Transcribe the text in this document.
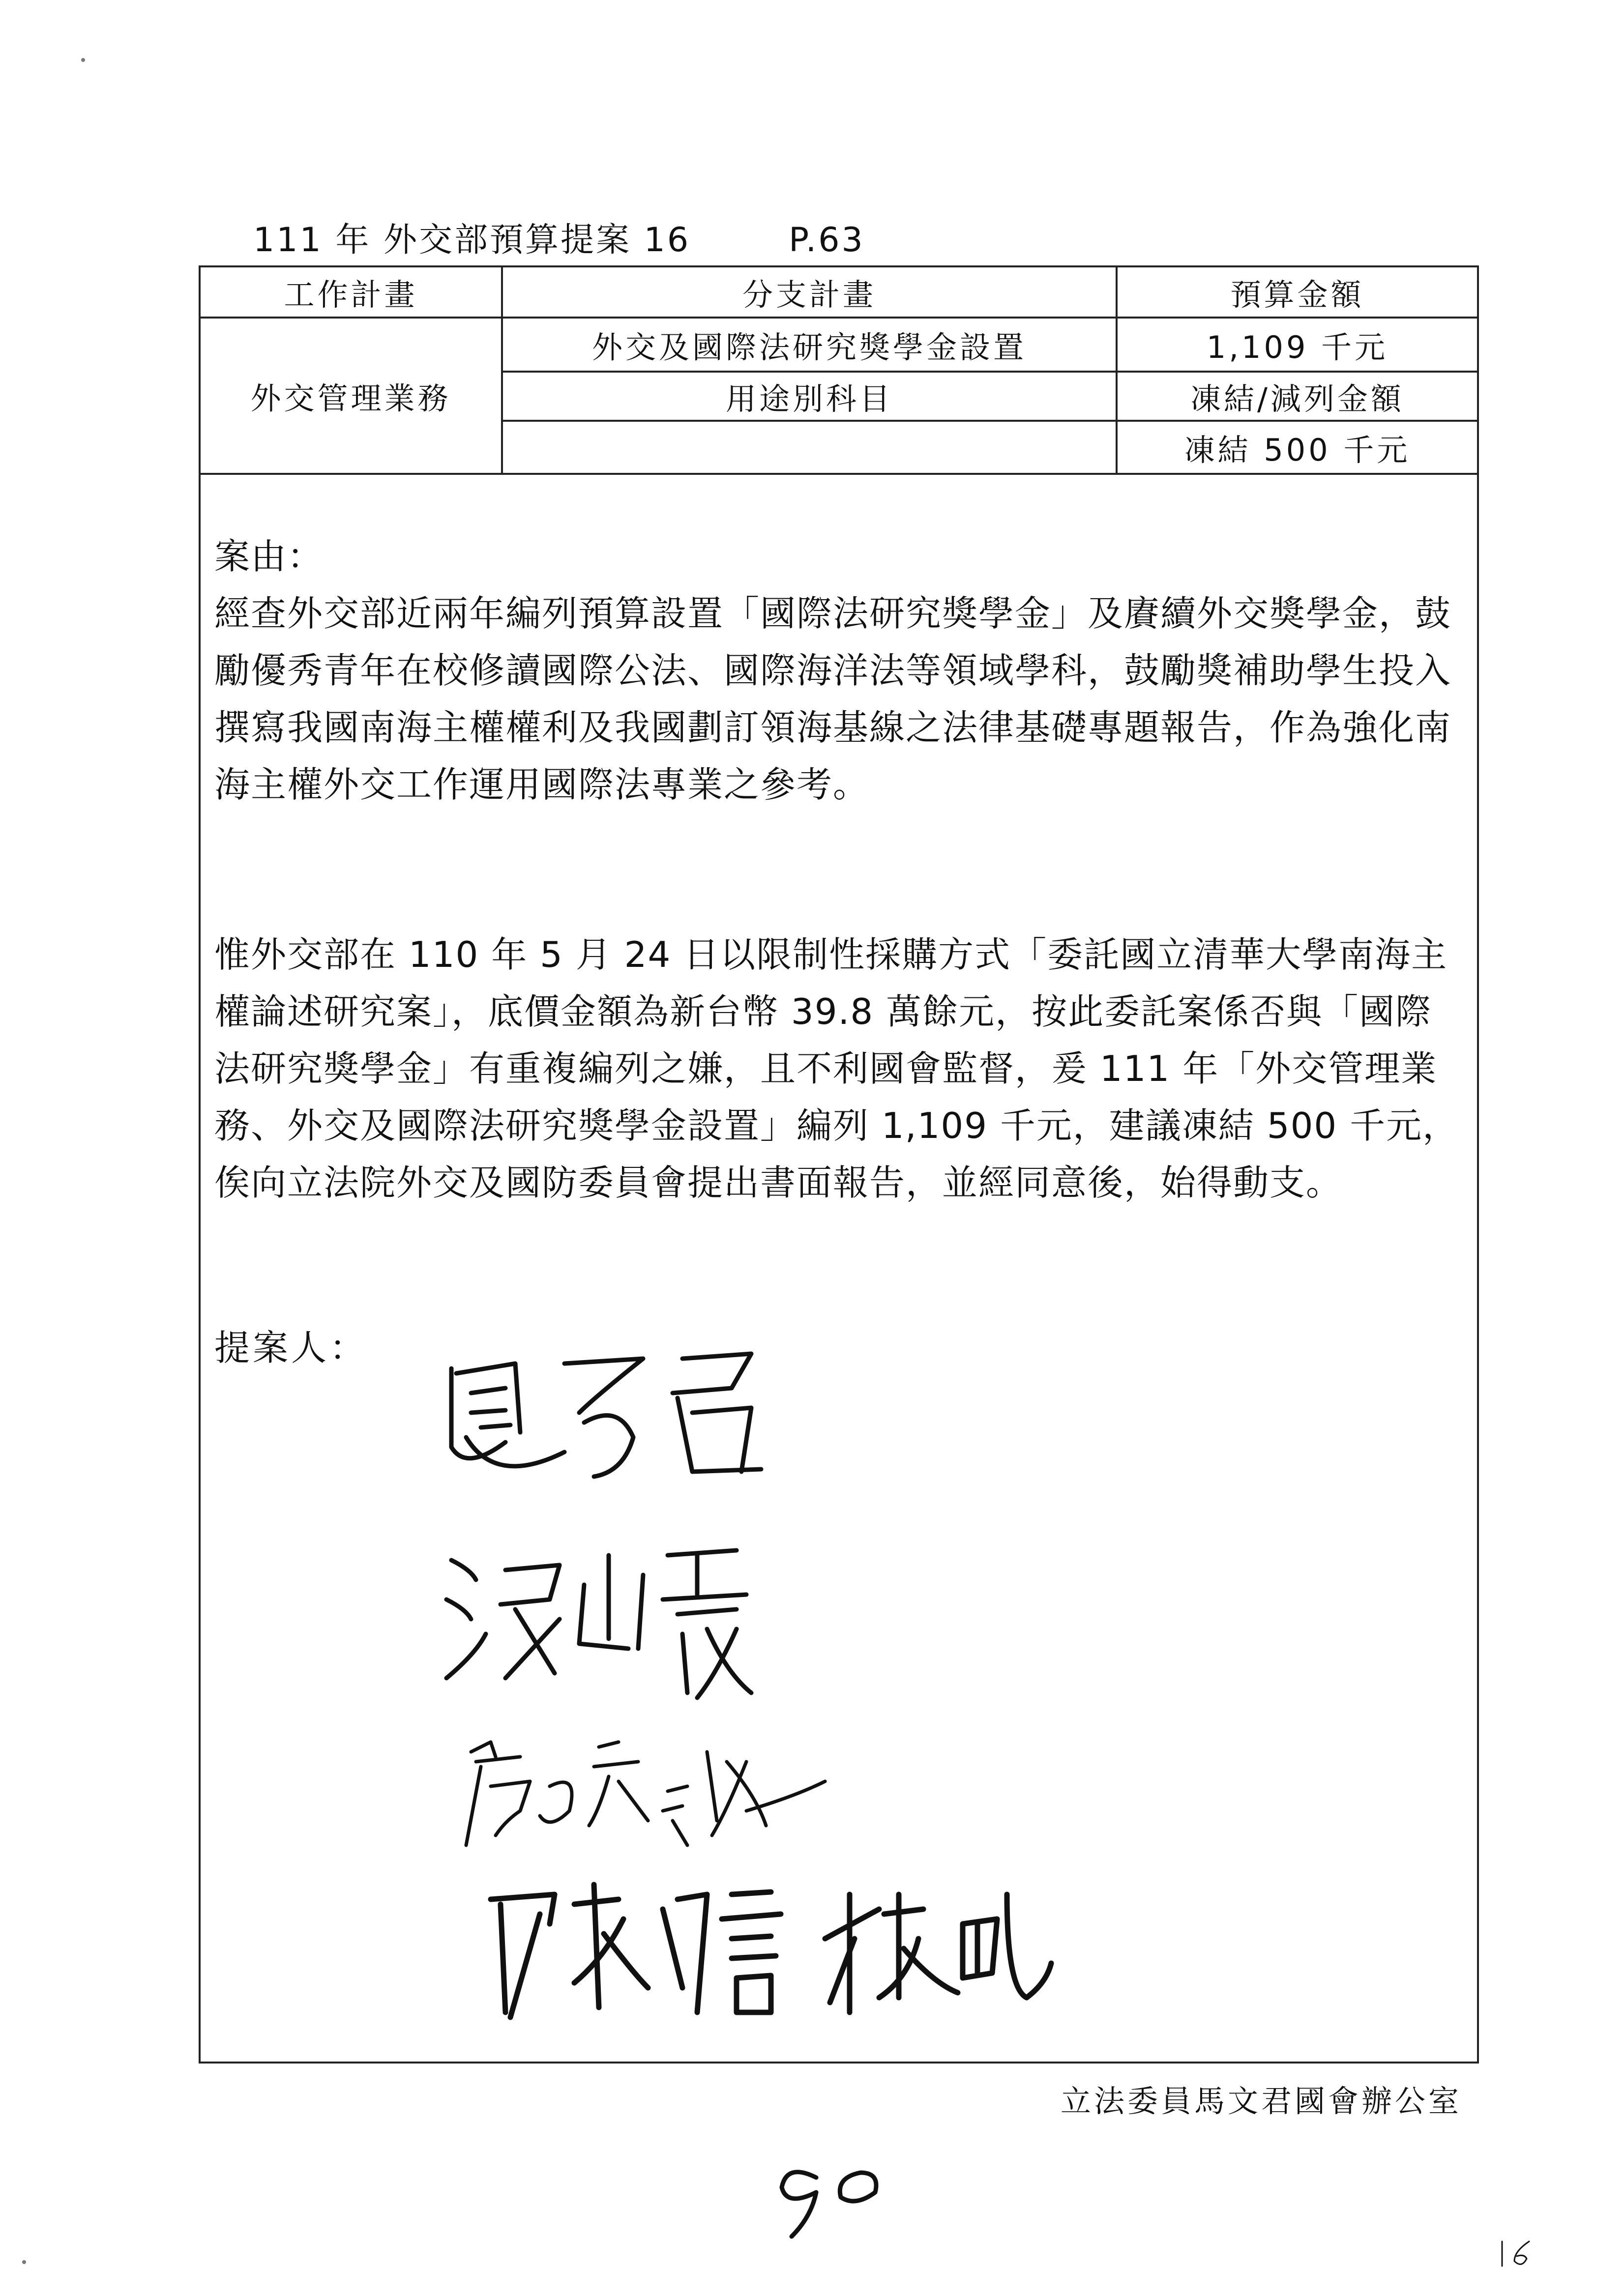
111 年 外交部預算提案 16	P.63
工作計畫	分支計畫	預算金額
外交管理業務	外交及國際法研究獎學金設置	1,109 千元
	用途別科目	凍結/減列金額
		凍結 500 千元
案由：

經查外交部近兩年編列預算設置「國際法研究獎學金」及賡續外交獎學金，鼓勵優秀青年在校修讀國際公法、國際海洋法等領域學科，鼓勵獎補助學生投入撰寫我國南海主權權利及我國劃訂領海基線之法律基礎專題報告，作為強化南海主權外交工作運用國際法專業之參考。

惟外交部在 110 年 5 月 24 日以限制性採購方式「委託國立清華大學南海主權論述研究案」，底價金額為新台幣 39.8 萬餘元，按此委託案係否與「國際法研究獎學金」有重複編列之嫌，且不利國會監督，爰 111 年「外交管理業務、外交及國際法研究獎學金設置」編列 1,109 千元，建議凍結 500 千元，俟向立法院外交及國防委員會提出書面報告，並經同意後，始得動支。

提案人：
立法委員馬文君國會辦公室
